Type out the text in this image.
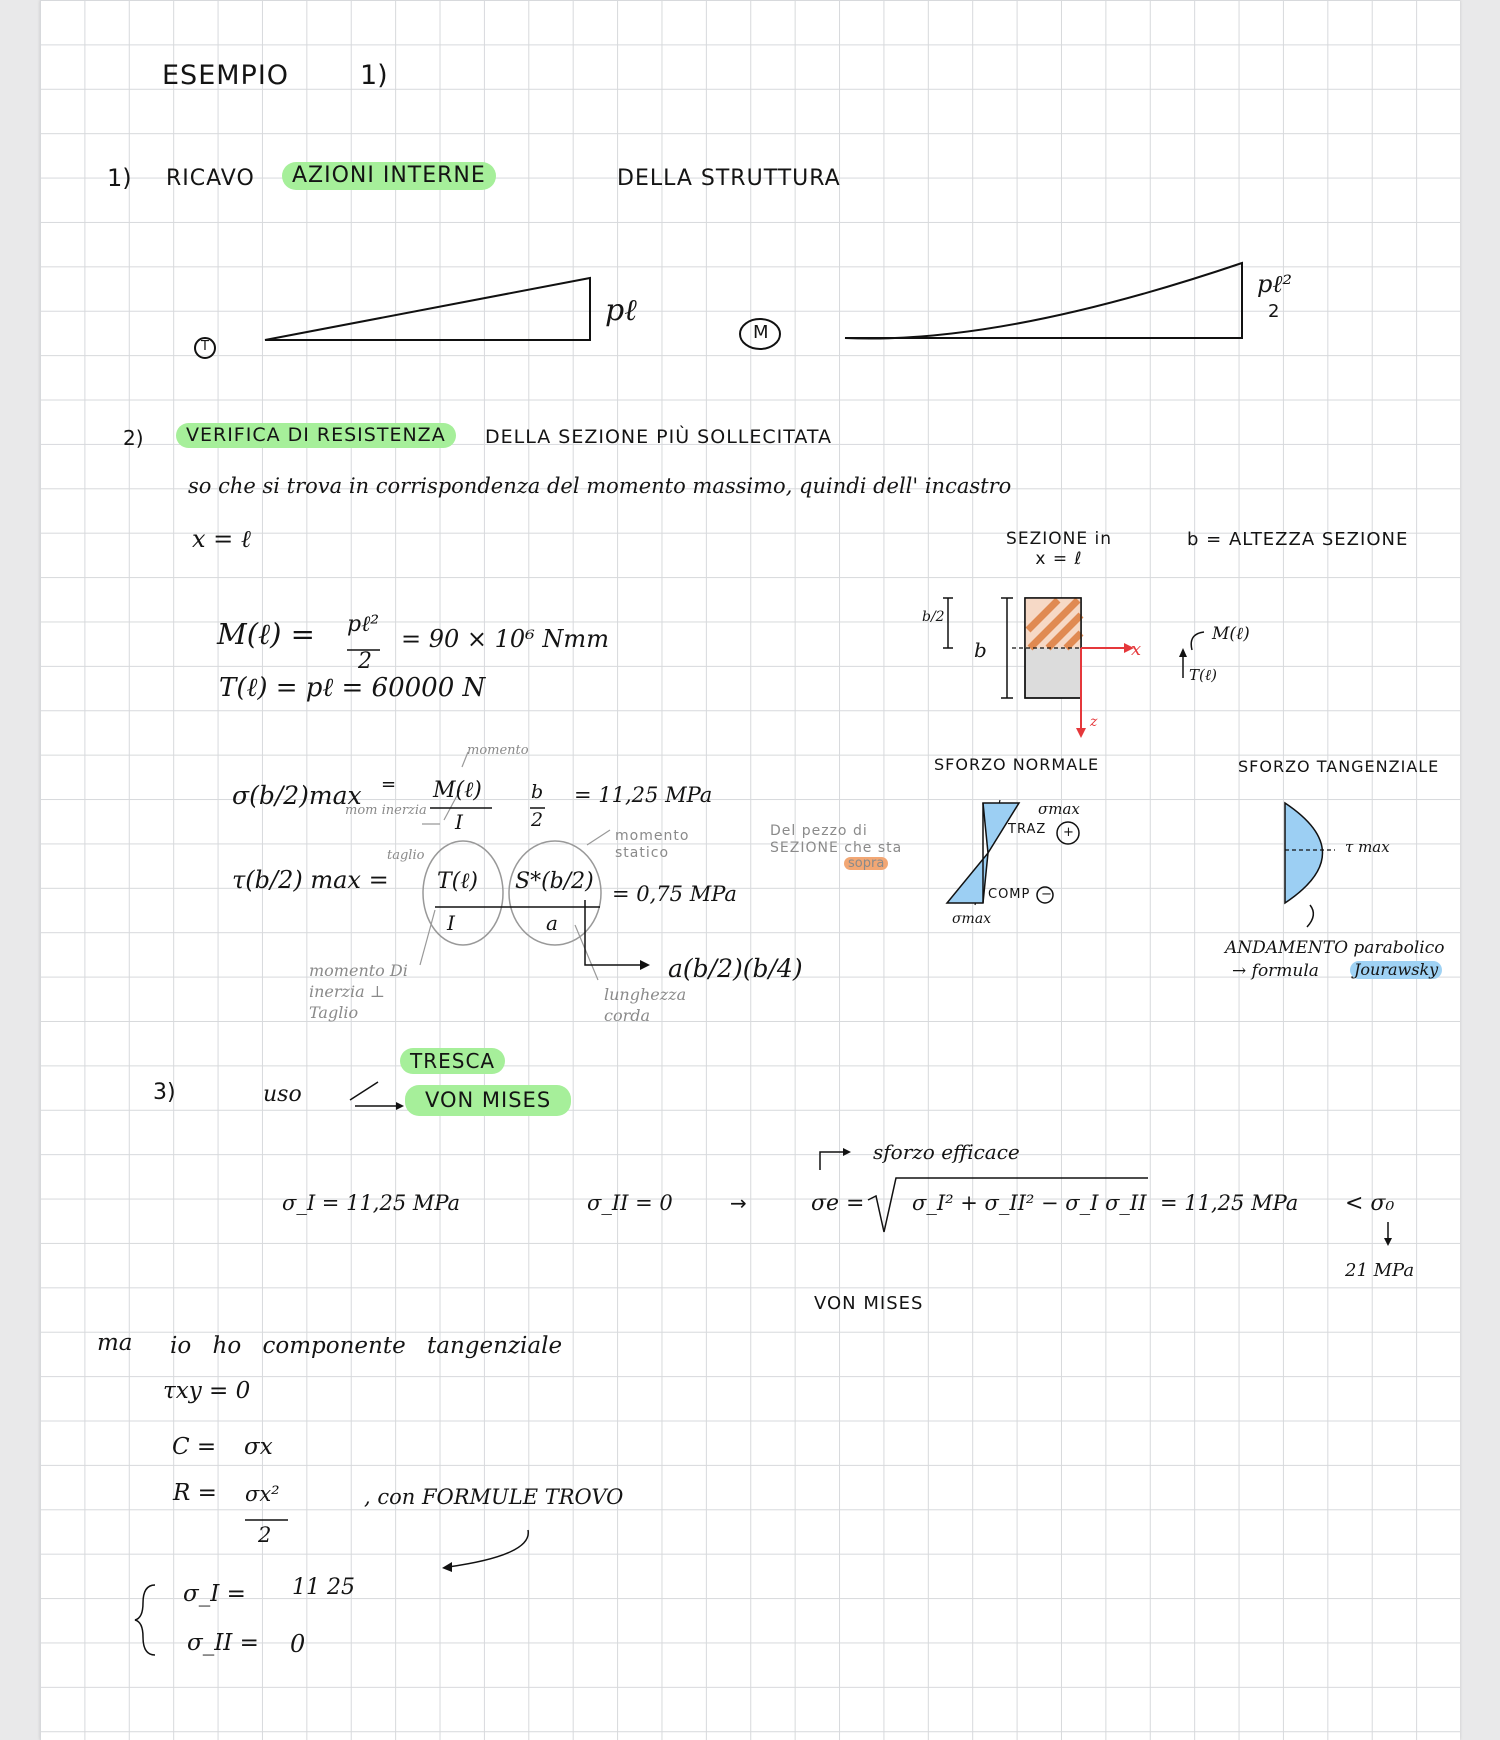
ESEMPIO	1)
1) RICAVO	AZIONI INTERNE	DELLA STRUTTURA
T
pℓ
M
pℓ²
2
2)	VERIFICA DI RESISTENZA	DELLA SEZIONE PIÙ SOLLECITATA
so che si trova in corrispondenza del momento massimo, quindi dell' incastro
x = ℓ
M(ℓ) = pℓ²
2
= 90 × 10⁶ Nmm
T(ℓ) = pℓ = 60000 N
momento
σ(b/2)max = M(ℓ)
I
b
2
= 11,25 MPa
mom inerzia
taglio
momento statico
Del pezzo di SEZIONE che sta
sopra
τ(b/2) max = T(ℓ) S*(b/2)
I	a
= 0,75 MPa
a(b/2)(b/4)
momento Di inerzia ⊥ Taglio
lunghezza corda
SEZIONE in x = ℓ
b = ALTEZZA SEZIONE
b/2
b	x
z
M(ℓ)
T(ℓ)
SFORZO NORMALE
σmax
TRAZ +
COMP −
σmax
SFORZO TANGENZIALE
τ max
ANDAMENTO parabolico
→ formula Jourawsky
3)	uso
TRESCA
VON MISES
σ_I = 11,25 MPa	σ_II = 0	→
sforzo efficace
σe = σ_I² + σ_II² − σ_I σ_II = 11,25 MPa < σ₀
21 MPa
VON MISES
ma io ho componente tangenziale
τxy = 0
C = σx
R = σx²
2
, con FORMULE TROVO
σ_I = 11 25
σ_II = 0
